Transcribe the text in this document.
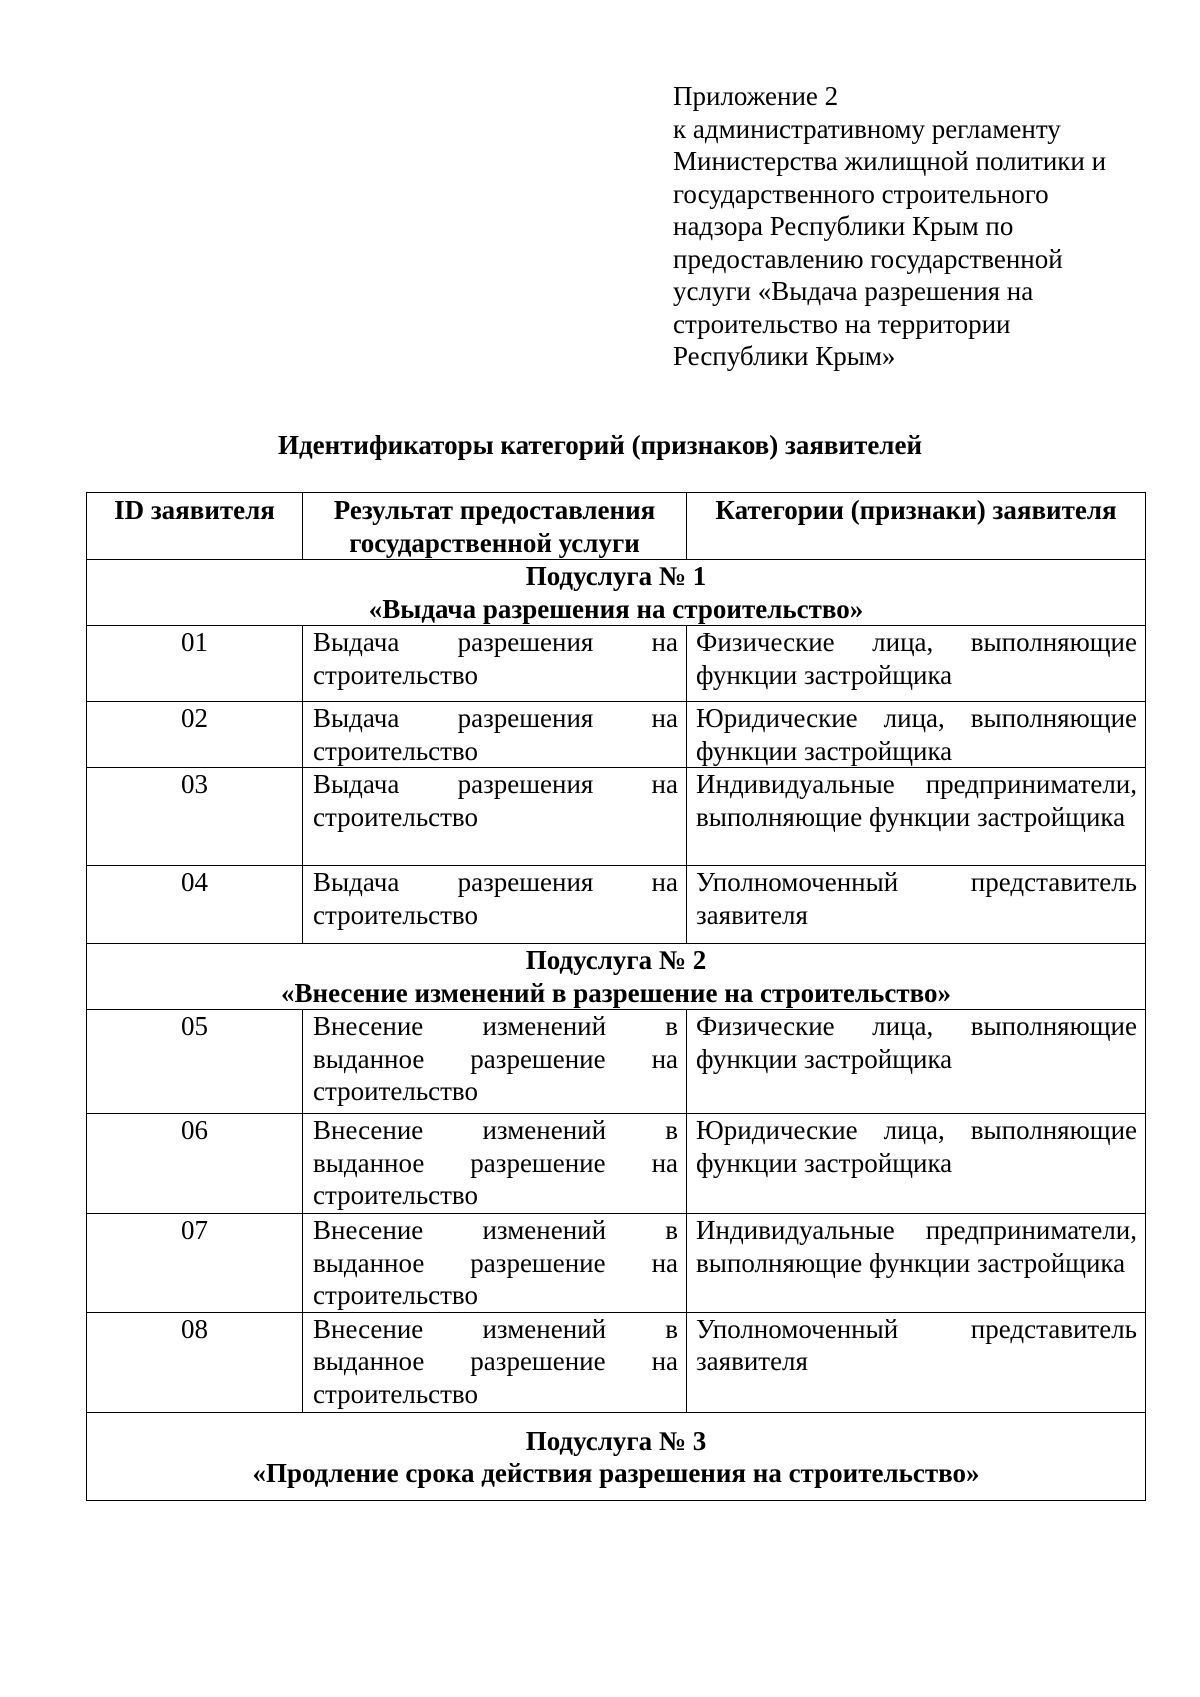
Приложение 2
к административному регламенту
Министерства жилищной политики и
государственного строительного
надзора Республики Крым по
предоставлению государственной
услуги «Выдача разрешения на
строительство на территории
Республики Крым»
Идентификаторы категорий (признаков) заявителей
ID заявителя	Результат предоставления государственной услуги	Категории (признаки) заявителя

Подуслуга № 1
«Выдача разрешения на строительство»		

01	Выдача разрешения на строительство	Физические лица, выполняющие функции застройщика
02	Выдача разрешения на строительство	Юридические лица, выполняющие функции застройщика
03	Выдача разрешения на строительство	Индивидуальные предприниматели, выполняющие функции застройщика
04	Выдача разрешения на строительство	Уполномоченный представитель заявителя

Подуслуга № 2
«Внесение изменений в разрешение на строительство»		

05	Внесение изменений в выданное разрешение на строительство	Физические лица, выполняющие функции застройщика
06	Внесение изменений в выданное разрешение на строительство	Юридические лица, выполняющие функции застройщика
07	Внесение изменений в выданное разрешение на строительство	Индивидуальные предприниматели, выполняющие функции застройщика
08	Внесение изменений в выданное разрешение на строительство	Уполномоченный представитель заявителя

Подуслуга № 3
«Продление срока действия разрешения на строительство»		
